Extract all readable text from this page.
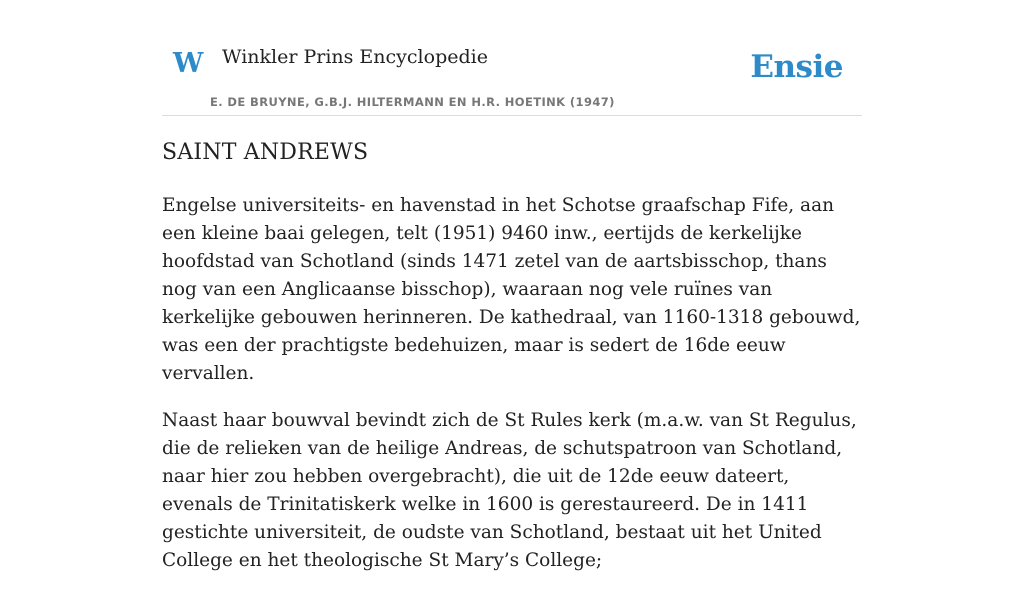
W Winkler Prins Encyclopedie
E. DE BRUYNE, G.B.J. HILTERMANN EN H.R. HOETINK (1947)
Ensie
SAINT ANDREWS

Engelse universiteits- en havenstad in het Schotse graafschap Fife, aan een kleine baai gelegen, telt (1951) 9460 inw., eertijds de kerkelijke hoofdstad van Schotland (sinds 1471 zetel van de aartsbisschop, thans nog van een Anglicaanse bisschop), waaraan nog vele ruïnes van kerkelijke gebouwen herinneren. De kathedraal, van 1160-1318 gebouwd, was een der prachtigste bedehuizen, maar is sedert de 16de eeuw vervallen.

Naast haar bouwval bevindt zich de St Rules kerk (m.a.w. van St Regulus, die de relieken van de heilige Andreas, de schutspatroon van Schotland, naar hier zou hebben overgebracht), die uit de 12de eeuw dateert, evenals de Trinitatiskerk welke in 1600 is gerestaureerd. De in 1411 gestichte universiteit, de oudste van Schotland, bestaat uit het United College en het theologische St Mary’s College;
